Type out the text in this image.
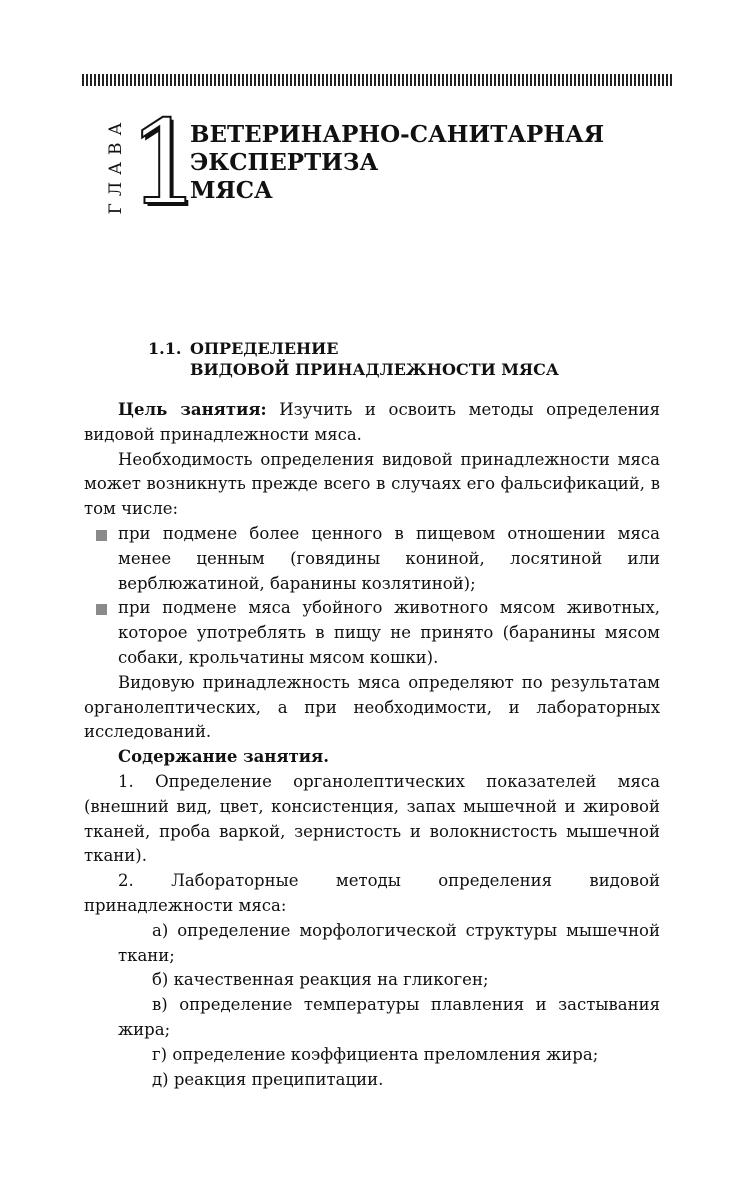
ГЛАВА 1
ВЕТЕРИНАРНО-САНИТАРНАЯ
ЭКСПЕРТИЗА
МЯСА
1.1. ОПРЕДЕЛЕНИЕ
ВИДОВОЙ ПРИНАДЛЕЖНОСТИ МЯСА

Цель занятия: Изучить и освоить методы определения видовой принадлежности мяса.

Необходимость определения видовой принадлежности мяса может возникнуть прежде всего в случаях его фальсификаций, в том числе:

при подмене более ценного в пищевом отношении мяса менее ценным (говядины кониной, лосятиной или верблюжатиной, баранины козлятиной);
при подмене мяса убойного животного мясом животных, которое употреблять в пищу не принято (баранины мясом собаки, крольчатины мясом кошки).

Видовую принадлежность мяса определяют по результатам органолептических, а при необходимости, и лабораторных исследований.

Содержание занятия.

1. Определение органолептических показателей мяса (внешний вид, цвет, консистенция, запах мышечной и жировой тканей, проба варкой, зернистость и волокнистость мышечной ткани).

2. Лабораторные методы определения видовой принадлежности мяса:

а) определение морфологической структуры мышечной ткани;
б) качественная реакция на гликоген;
в) определение температуры плавления и застывания жира;
г) определение коэффициента преломления жира;
д) реакция преципитации.
